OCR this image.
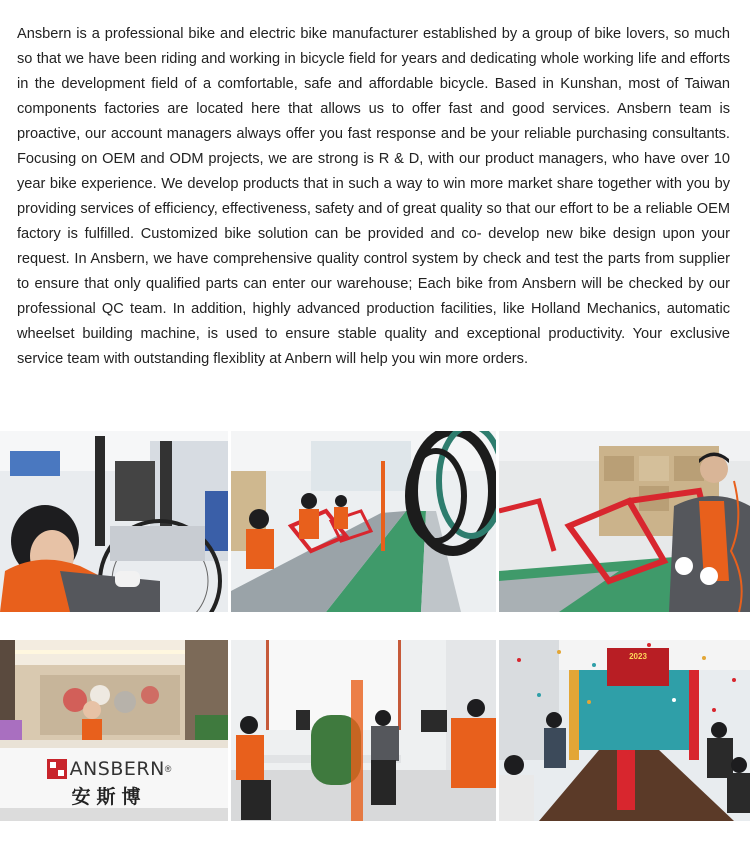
Ansbern is a professional bike and electric bike manufacturer established by a group of bike lovers, so much so that we have been riding and working in bicycle field for years and dedicating whole working life and efforts in the development field of a comfortable, safe and affordable bicycle. Based in Kunshan, most of Taiwan components factories are located here that allows us to offer fast and good services. Ansbern team is proactive, our account managers always offer you fast response and be your reliable purchasing consultants. Focusing on OEM and ODM projects, we are strong is R & D, with our product managers, who have over 10 year bike experience. We develop products that in such a way to win more market share together with you by providing services of efficiency, effectiveness, safety and of great quality so that our effort to be a reliable OEM factory is fulfilled. Customized bike solution can be provided and co- develop new bike design upon your request. In Ansbern, we have comprehensive quality control system by check and test the parts from supplier to ensure that only qualified parts can enter our warehouse; Each bike from Ansbern will be checked by our professional QC team. In addition, highly advanced production facilities, like Holland Mechanics, automatic wheelset building machine, is used to ensure stable quality and exceptional productivity. Your exclusive service team with outstanding flexiblity at Anbern will help you win more orders.

ANSBERN ®
安斯博
2023
